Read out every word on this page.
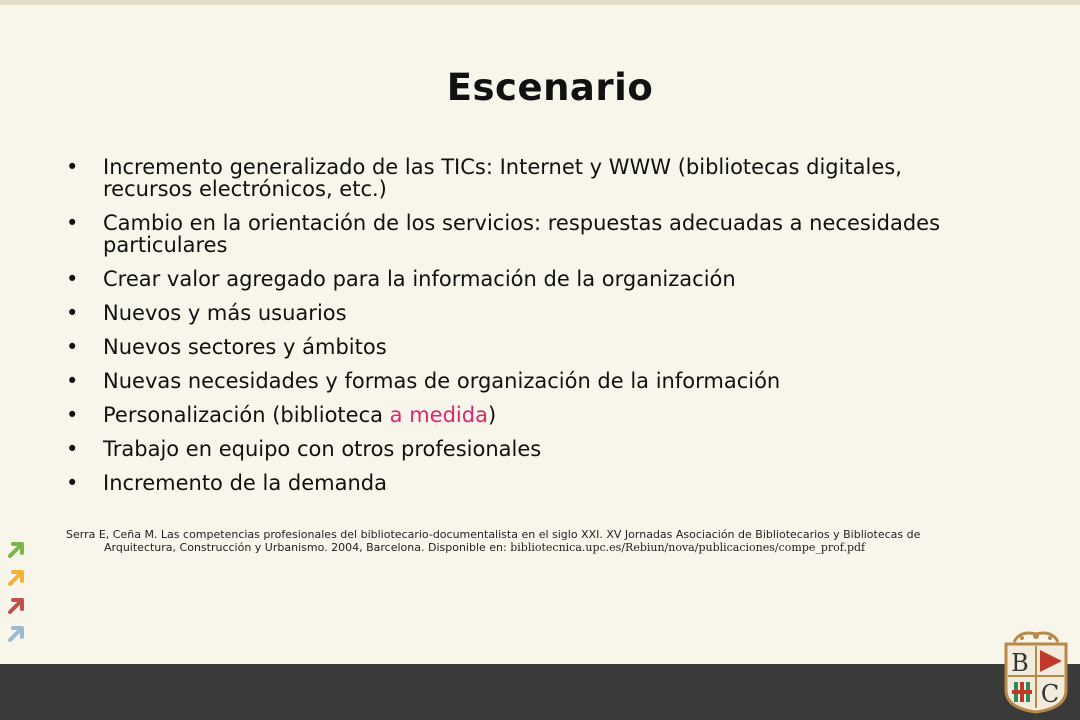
Escenario
•	Incremento generalizado de las TICs: Internet y WWW (bibliotecas digitales, recursos electrónicos, etc.)
•	Cambio en la orientación de los servicios: respuestas adecuadas a necesidades particulares
•	Crear valor agregado para la información de la organización
•	Nuevos y más usuarios
•	Nuevos sectores y ámbitos
•	Nuevas necesidades y formas de organización de la información
•	Personalización (biblioteca a medida)
•	Trabajo en equipo con otros profesionales
•	Incremento de la demanda
Serra E, Ceña M. Las competencias profesionales del bibliotecario-documentalista en el siglo XXI. XV Jornadas Asociación de Bibliotecarios y Bibliotecas de
Arquitectura, Construcción y Urbanismo. 2004, Barcelona. Disponible en: bibliotecnica.upc.es/Rebiun/nova/publicaciones/compe_prof.pdf
B
C
